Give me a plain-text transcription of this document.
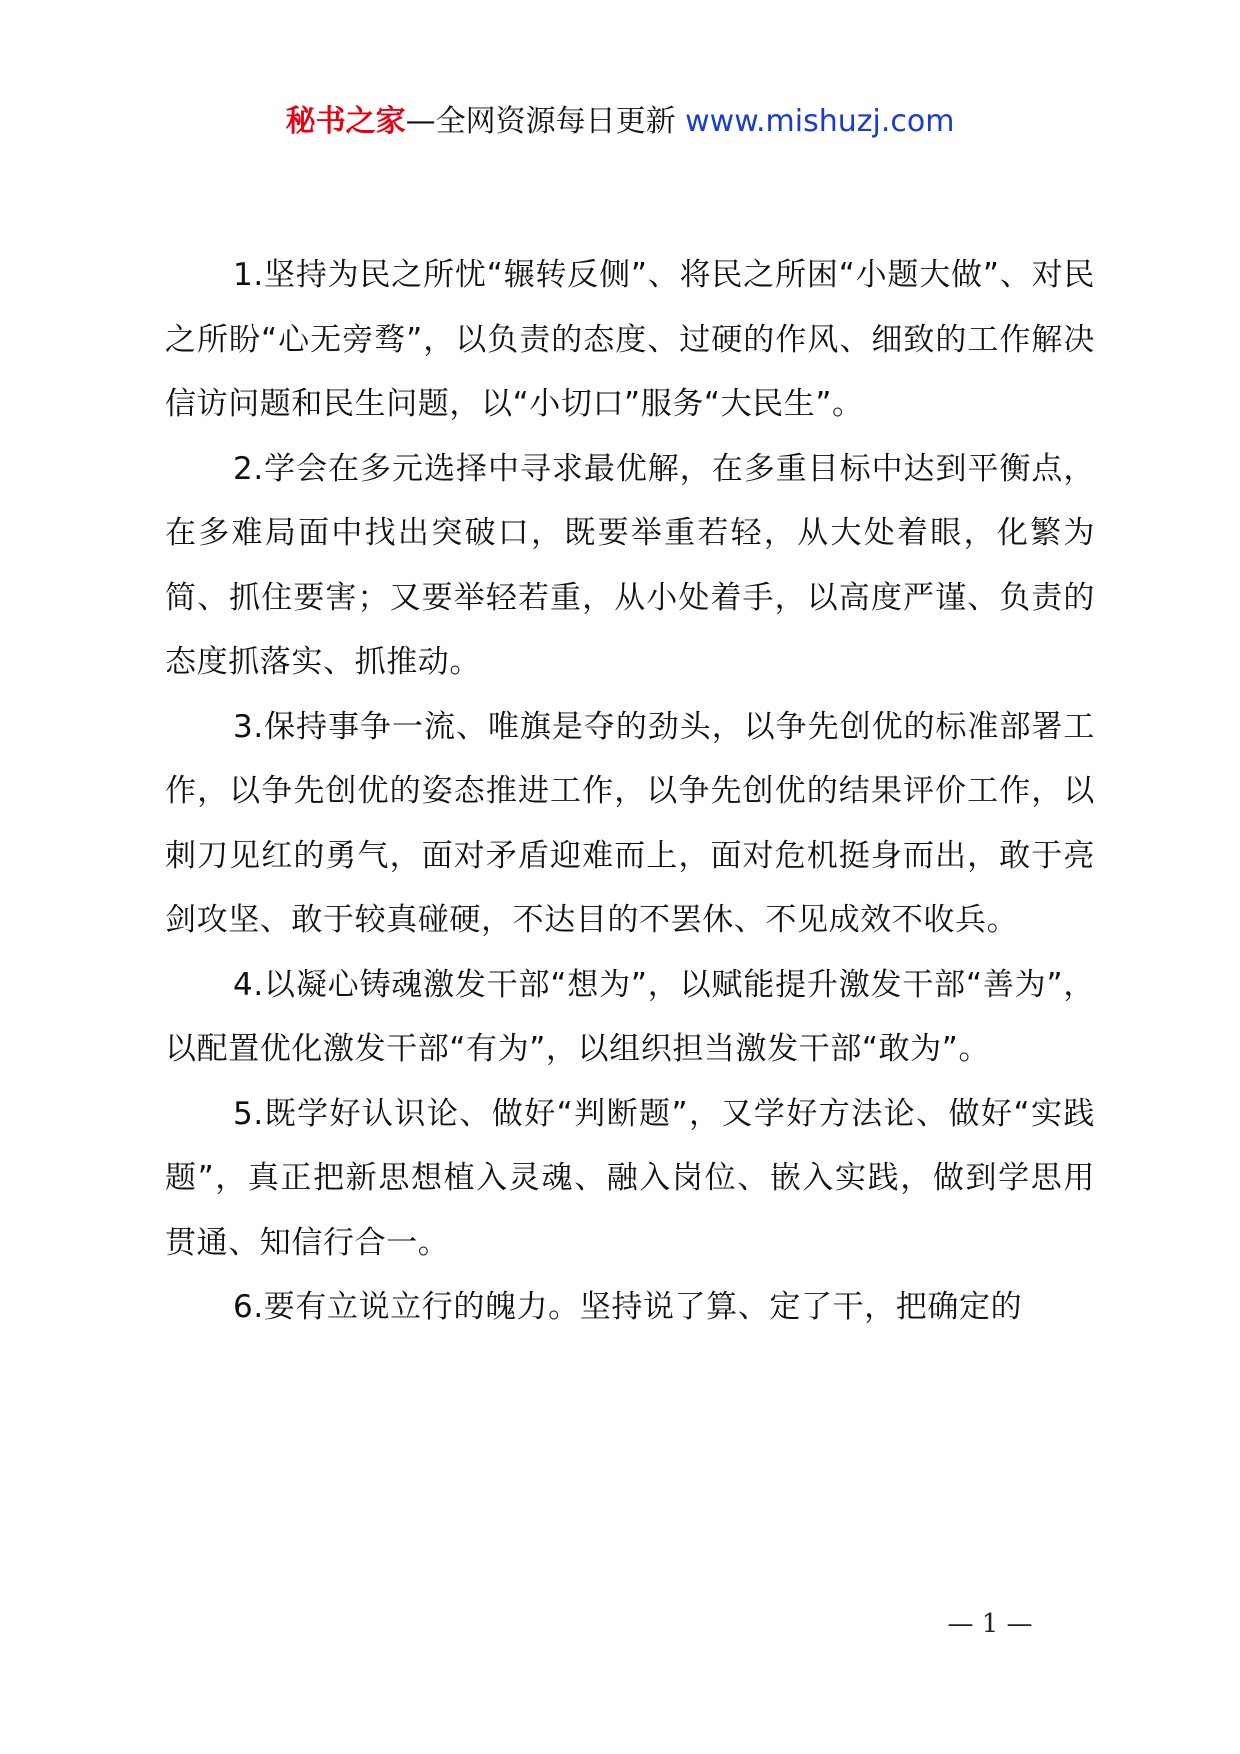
秘书之家—全网资源每日更新 www.mishuzj.com

1.坚持为民之所忧“辗转反侧”、将民之所困“小题大做”、对民之所盼“心无旁骛”，以负责的态度、过硬的作风、细致的工作解决信访问题和民生问题，以“小切口”服务“大民生”。

2.学会在多元选择中寻求最优解，在多重目标中达到平衡点，在多难局面中找出突破口，既要举重若轻，从大处着眼，化繁为简、抓住要害；又要举轻若重，从小处着手，以高度严谨、负责的态度抓落实、抓推动。

3.保持事争一流、唯旗是夺的劲头，以争先创优的标准部署工作，以争先创优的姿态推进工作，以争先创优的结果评价工作，以刺刀见红的勇气，面对矛盾迎难而上，面对危机挺身而出，敢于亮剑攻坚、敢于较真碰硬，不达目的不罢休、不见成效不收兵。

4.以凝心铸魂激发干部“想为”，以赋能提升激发干部“善为”，以配置优化激发干部“有为”，以组织担当激发干部“敢为”。

5.既学好认识论、做好“判断题”，又学好方法论、做好“实践题”，真正把新思想植入灵魂、融入岗位、嵌入实践，做到学思用贯通、知信行合一。

6.要有立说立行的魄力。坚持说了算、定了干，把确定的

— 1 —
